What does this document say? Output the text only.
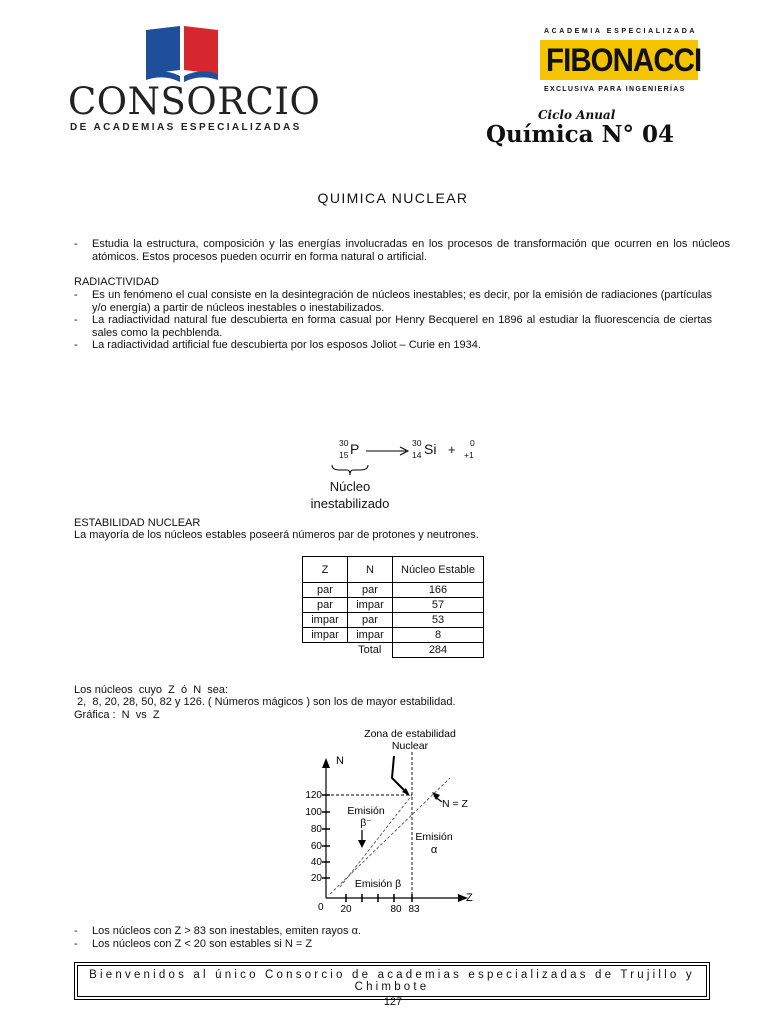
CONSORCIO
DE ACADEMIAS ESPECIALIZADAS
ACADEMIA ESPECIALIZADA
FIBONACCI
EXCLUSIVA PARA INGENIERÍAS
Ciclo Anual
Química N° 04
QUIMICA NUCLEAR
- Estudia la estructura, composición y las energías involucradas en los procesos de transformación que ocurren en los núcleos atómicos. Estos procesos pueden ocurrir en forma natural o artificial.
RADIACTIVIDAD
- Es un fenómeno el cual consiste en la desintegración de núcleos inestables; es decir, por la emisión de radiaciones (partículas y/o energía) a partir de núcleos inestables o inestabilizados.
- La radiactividad natural fue descubierta en forma casual por Henry Becquerel en 1896 al estudiar la fluorescencia de ciertas sales como la pechblenda.
- La radiactividad artificial fue descubierta por los esposos Joliot – Curie en 1934.
30
15 P →
30
14 Si + 0
+1
Núcleo
inestabilizado
ESTABILIDAD NUCLEAR
La mayoría de los núcleos estables poseerá números par de protones y neutrones.
Z	N	Núcleo Estable
par	par	166
par	impar	57
impar	par	53
impar	impar	8
	Total	284
Los núcleos  cuyo  Z  ó  N  sea:
2,  8, 20, 28, 50, 82 y 126. ( Números mágicos ) son los de mayor estabilidad.
Gráfica :  N  vs  Z
Zona de estabilidad
Nuclear
N
Z
0
120
100
80
60
40
20
20	80 83
N = Z
Emisión
β⁻
Emisión
α
Emisión β
- Los núcleos con Z > 83 son inestables, emiten rayos α.
- Los núcleos con Z < 20 son estables si N = Z
Bienvenidos al único Consorcio de academias especializadas de Trujillo y Chimbote
127
